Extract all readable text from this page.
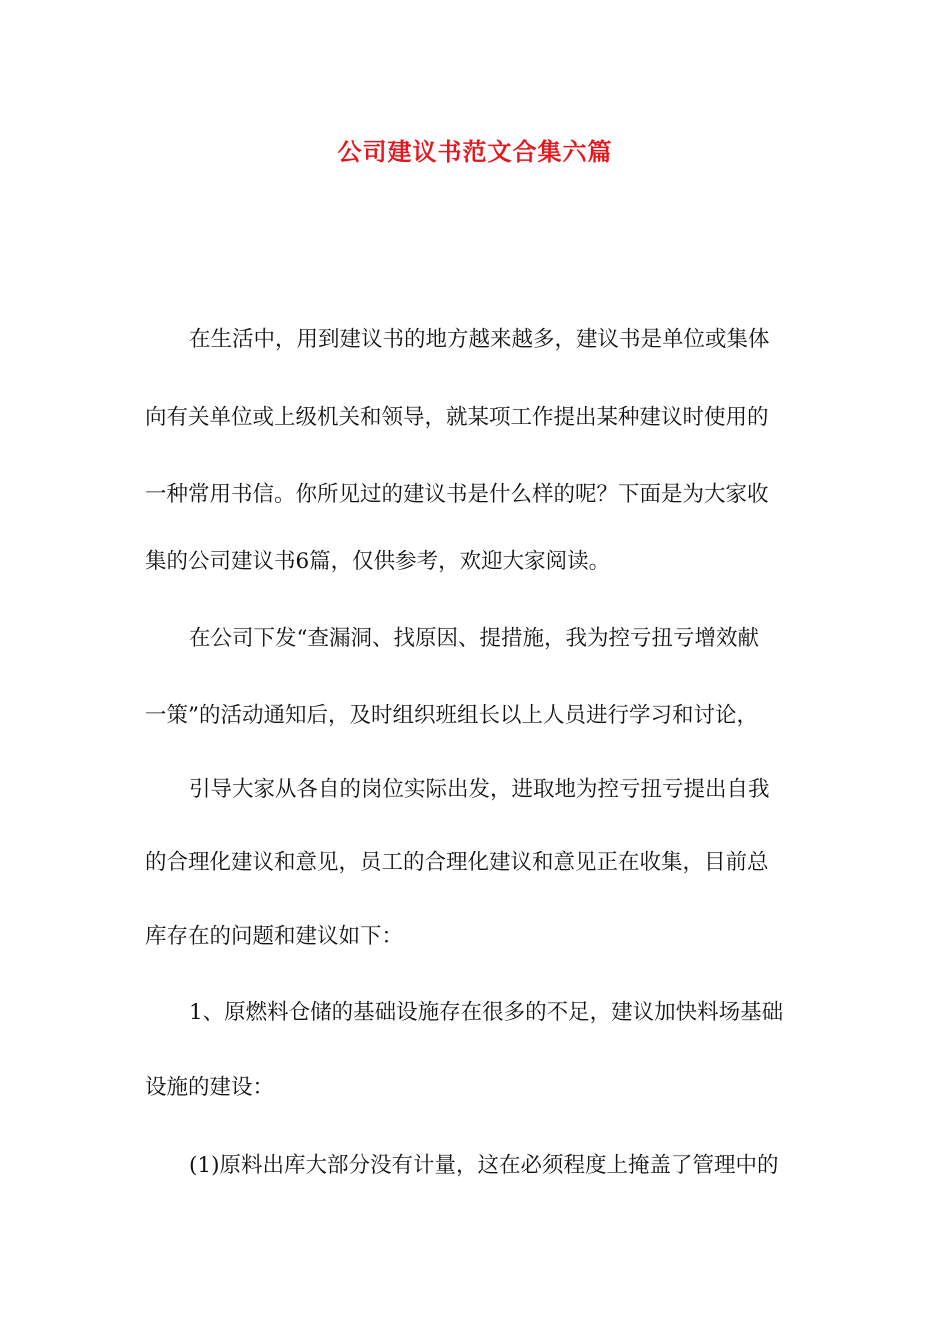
公司建议书范文合集六篇
在生活中，用到建议书的地方越来越多，建议书是单位或集体
向有关单位或上级机关和领导，就某项工作提出某种建议时使用的
一种常用书信。你所见过的建议书是什么样的呢？下面是为大家收
集的公司建议书6篇，仅供参考，欢迎大家阅读。
在公司下发“查漏洞、找原因、提措施，我为控亏扭亏增效献
一策”的活动通知后，及时组织班组长以上人员进行学习和讨论，
引导大家从各自的岗位实际出发，进取地为控亏扭亏提出自我
的合理化建议和意见，员工的合理化建议和意见正在收集，目前总
库存在的问题和建议如下：
1、原燃料仓储的基础设施存在很多的不足，建议加快料场基础
设施的建设：
(1)原料出库大部分没有计量，这在必须程度上掩盖了管理中的
